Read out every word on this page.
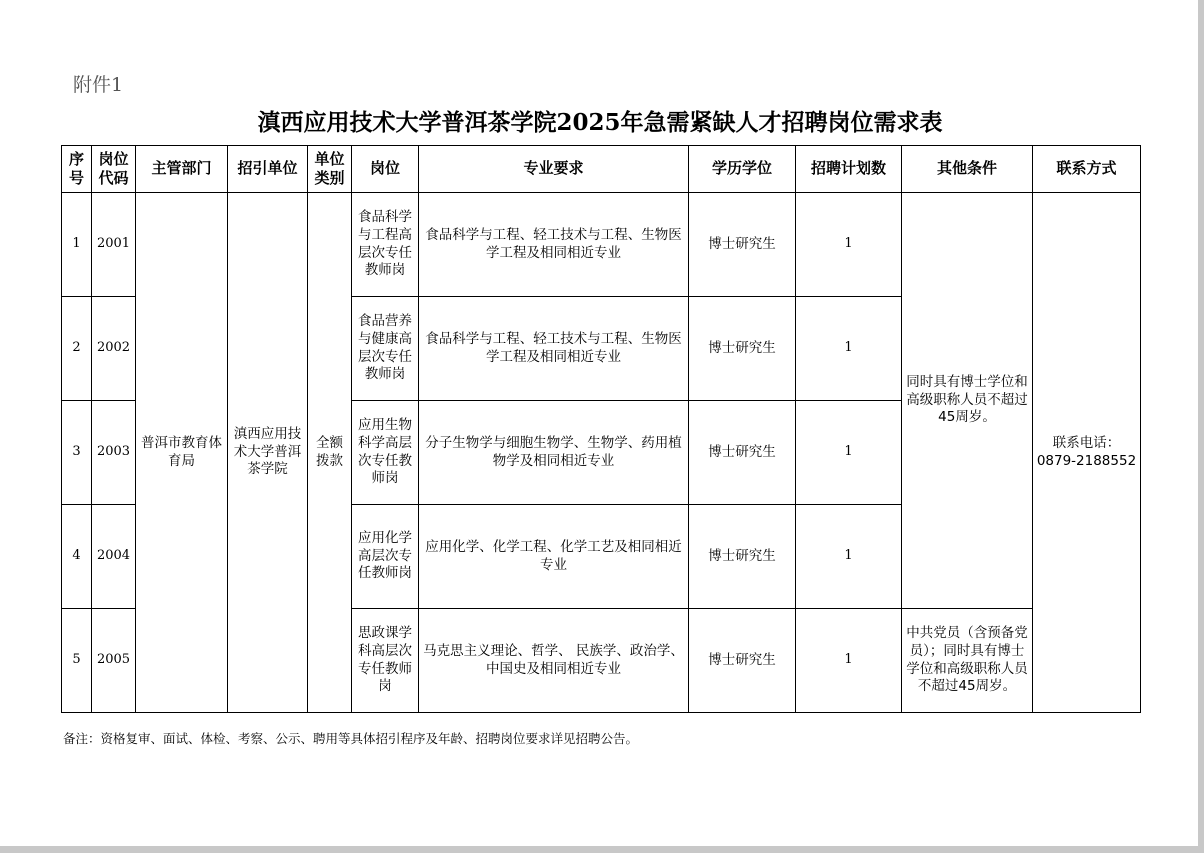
附件1
滇西应用技术大学普洱茶学院2025年急需紧缺人才招聘岗位需求表
序号	岗位代码	主管部门	招引单位	单位类别	岗位	专业要求	学历学位	招聘计划数	其他条件	联系方式
1	2001	普洱市教育体育局	滇西应用技术大学普洱茶学院	全额拨款	食品科学与工程高层次专任教师岗	食品科学与工程、轻工技术与工程、生物医学工程及相同相近专业	博士研究生	1	同时具有博士学位和高级职称人员不超过45周岁。	联系电话：0879-2188552
2	2002				食品营养与健康高层次专任教师岗	食品科学与工程、轻工技术与工程、生物医学工程及相同相近专业	博士研究生	1		
3	2003				应用生物科学高层次专任教师岗	分子生物学与细胞生物学、生物学、药用植物学及相同相近专业	博士研究生	1		
4	2004				应用化学高层次专任教师岗	应用化学、化学工程、化学工艺及相同相近专业	博士研究生	1		
5	2005				思政课学科高层次专任教师岗	马克思主义理论、哲学、 民族学、政治学、 中国史及相同相近专业	博士研究生	1	中共党员（含预备党员）；同时具有博士学位和高级职称人员不超过45周岁。	
备注：资格复审、面试、体检、考察、公示、聘用等具体招引程序及年龄、招聘岗位要求详见招聘公告。
